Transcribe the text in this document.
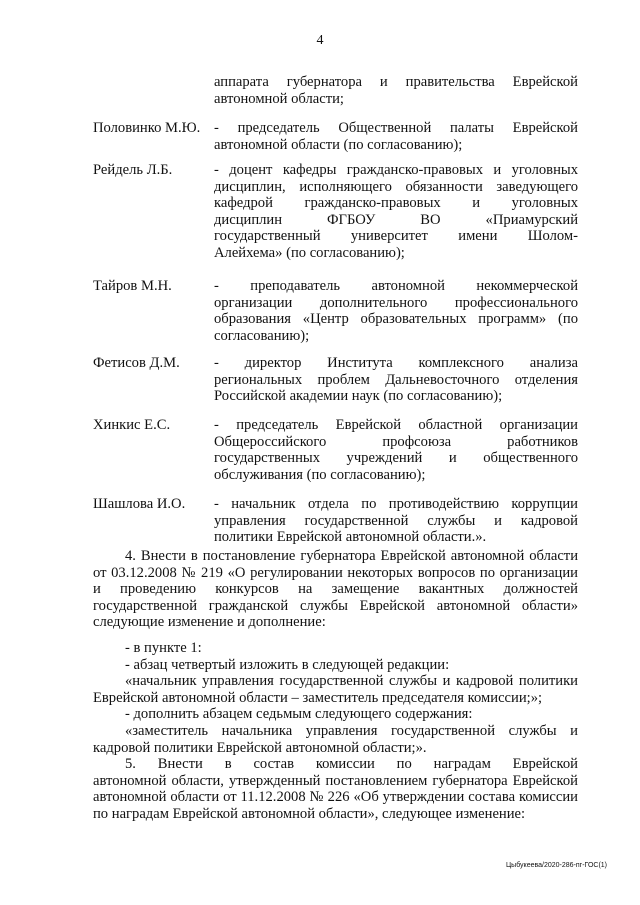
4
аппарата губернатора и правительства Еврейской
автономной области;
Половинко М.Ю. - председатель Общественной палаты Еврейской
автономной области (по согласованию);
Рейдель Л.Б.	- доцент кафедры гражданско-правовых и уголовных
дисциплин, исполняющего обязанности заведующего
кафедрой гражданско-правовых и уголовных
дисциплин ФГБОУ ВО «Приамурский
государственный университет имени Шолом-
Алейхема» (по согласованию);
Тайров М.Н.	- преподаватель автономной некоммерческой
организации дополнительного профессионального
образования «Центр образовательных программ» (по
согласованию);
Фетисов Д.М. - директор Института комплексного анализа
региональных проблем Дальневосточного отделения
Российской академии наук (по согласованию);
Хинкис Е.С.	- председатель Еврейской областной организации
Общероссийского профсоюза работников
государственных учреждений и общественного
обслуживания (по согласованию);
Шашлова И.О. - начальник отдела по противодействию коррупции
управления государственной службы и кадровой
политики Еврейской автономной области.».
4. Внести в постановление губернатора Еврейской автономной области
от 03.12.2008 № 219 «О регулировании некоторых вопросов по организации
и проведению конкурсов на замещение вакантных должностей
государственной гражданской службы Еврейской автономной области»
следующие изменение и дополнение:
- в пункте 1:
- абзац четвертый изложить в следующей редакции:
«начальник управления государственной службы и кадровой политики
Еврейской автономной области – заместитель председателя комиссии;»;
- дополнить абзацем седьмым следующего содержания:
«заместитель начальника управления государственной службы и
кадровой политики Еврейской автономной области;».
5. Внести в состав комиссии по наградам Еврейской
автономной области, утвержденный постановлением губернатора Еврейской
автономной области от 11.12.2008 № 226 «Об утверждении состава комиссии
по наградам Еврейской автономной области», следующее изменение:
Цыбукеева/2020-286-пг-ГОС(1)
